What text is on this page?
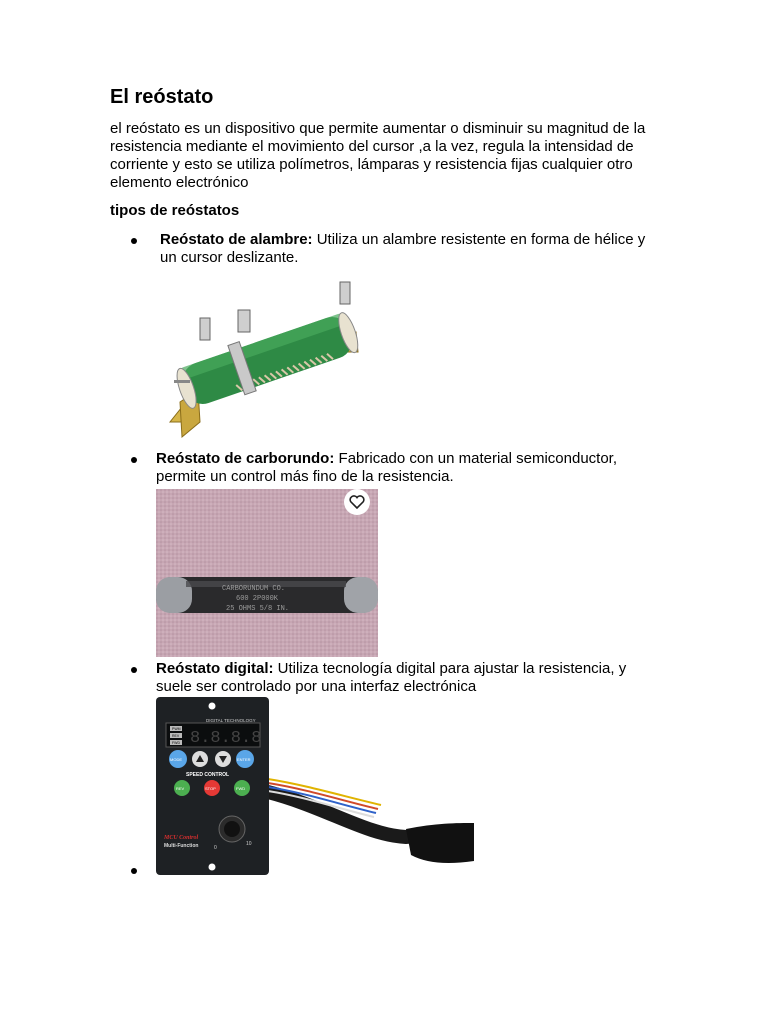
El reóstato
el reóstato es un dispositivo que permite aumentar o disminuir su magnitud de la resistencia mediante el movimiento del cursor ,a la vez, regula la intensidad de corriente y esto se utiliza polímetros, lámparas y resistencia fijas cualquier otro elemento electrónico
tipos de reóstatos
Reóstato de alambre: Utiliza un alambre resistente en forma de hélice y un cursor deslizante.
Reóstato de carborundo: Fabricado con un material semiconductor, permite un control más fino de la resistencia.
CARBORUNDUM CO.
600 2P000K
25 OHMS 5/8 IN.
Reóstato digital: Utiliza tecnología digital para ajustar la resistencia, y suele ser controlado por una interfaz electrónica
DIGITAL TECHNOLOGY
PWM
REV
FWD 8.8.8.8
MODE	ENTER
SPEED CONTROL
REV	STOP	FWD
0
10
MCU Control
Multi-Function
